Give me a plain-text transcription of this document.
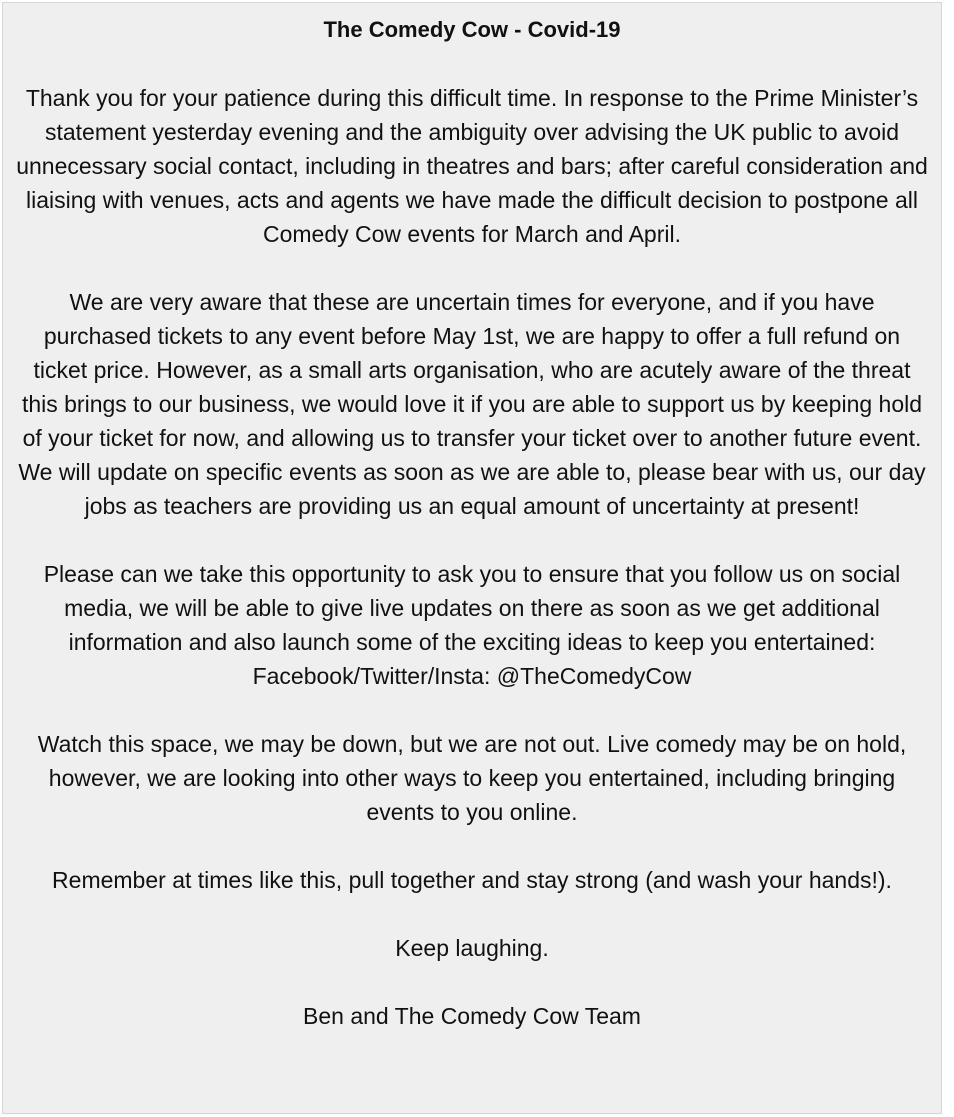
The Comedy Cow - Covid-19

Thank you for your patience during this difficult time. In response to the Prime Minister’s statement yesterday evening and the ambiguity over advising the UK public to avoid unnecessary social contact, including in theatres and bars; after careful consideration and liaising with venues, acts and agents we have made the difficult decision to postpone all Comedy Cow events for March and April.

We are very aware that these are uncertain times for everyone, and if you have purchased tickets to any event before May 1st, we are happy to offer a full refund on ticket price. However, as a small arts organisation, who are acutely aware of the threat this brings to our business, we would love it if you are able to support us by keeping hold of your ticket for now, and allowing us to transfer your ticket over to another future event. We will update on specific events as soon as we are able to, please bear with us, our day jobs as teachers are providing us an equal amount of uncertainty at present!

Please can we take this opportunity to ask you to ensure that you follow us on social media, we will be able to give live updates on there as soon as we get additional information and also launch some of the exciting ideas to keep you entertained: Facebook/Twitter/Insta: @TheComedyCow

Watch this space, we may be down, but we are not out. Live comedy may be on hold, however, we are looking into other ways to keep you entertained, including bringing events to you online.

Remember at times like this, pull together and stay strong (and wash your hands!).

Keep laughing.

Ben and The Comedy Cow Team
